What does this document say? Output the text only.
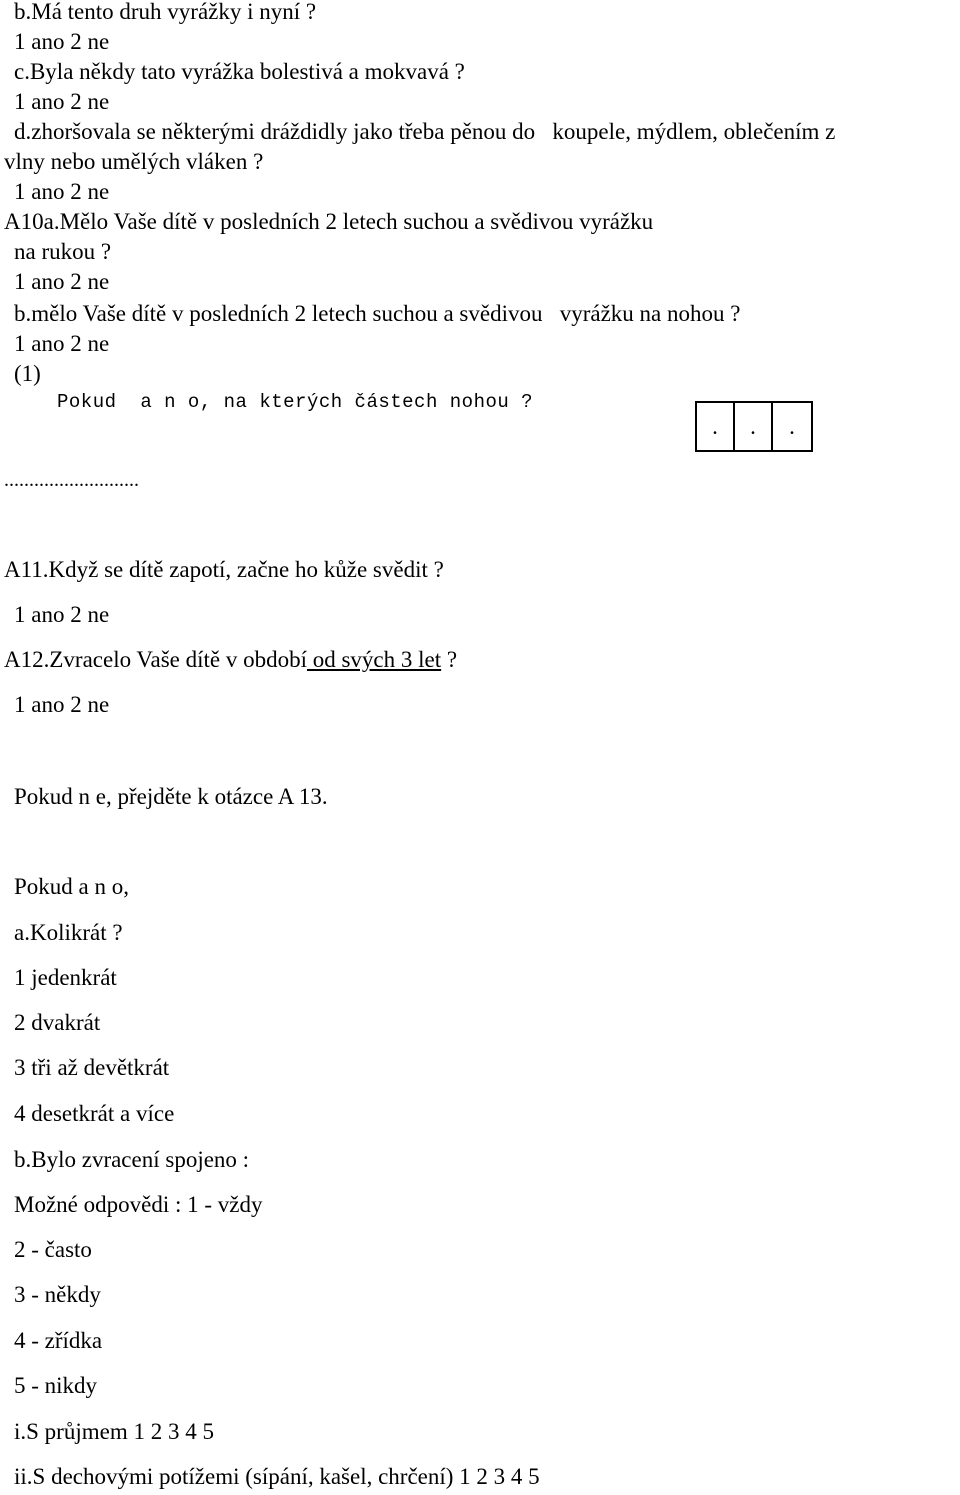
b.Má tento druh vyrážky i nyní ?
1 ano 2 ne
c.Byla někdy tato vyrážka bolestivá a mokvavá ?
1 ano 2 ne
d.zhoršovala se některými dráždidly jako třeba pěnou do   koupele, mýdlem, oblečením z
vlny nebo umělých vláken ?
1 ano 2 ne
A10a.Mělo Vaše dítě v posledních 2 letech suchou a svědivou vyrážku
na rukou ?
1 ano 2 ne
b.mělo Vaše dítě v posledních 2 letech suchou a svědivou   vyrážku na nohou ?
1 ano 2 ne
(1)
Pokud  a n o, na kterých částech nohou ?
.	.	.
...........................
A11.Když se dítě zapotí, začne ho kůže svědit ?
1 ano 2 ne
A12.Zvracelo Vaše dítě v období od svých 3 let ?
1 ano 2 ne
Pokud n e, přejděte k otázce A 13.
Pokud a n o,
a.Kolikrát ?
1 jedenkrát
2 dvakrát
3 tři až devětkrát
4 desetkrát a více
b.Bylo zvracení spojeno :
Možné odpovědi : 1 - vždy
2 - často
3 - někdy
4 - zřídka
5 - nikdy
i.S průjmem 1 2 3 4 5
ii.S dechovými potížemi (sípání, kašel, chrčení) 1 2 3 4 5
